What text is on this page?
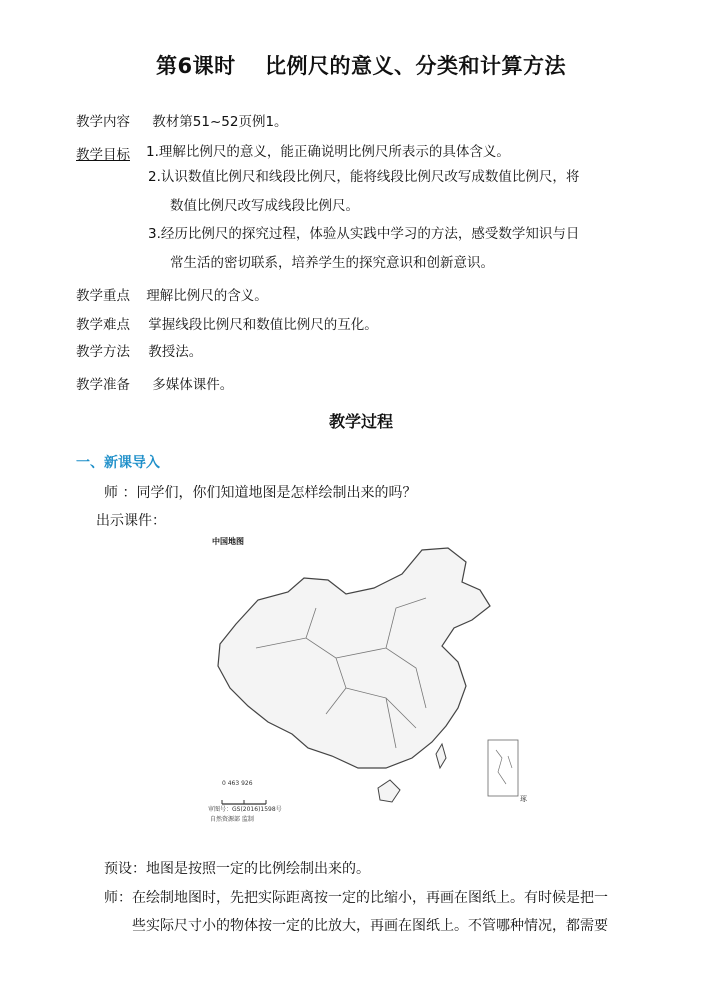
第6课时　 比例尺的意义、分类和计算方法
教学内容 教材第51~52页例1。
教学目标 1.理解比例尺的意义，能正确说明比例尺所表示的具体含义。
2.认识数值比例尺和线段比例尺，能将线段比例尺改写成数值比例尺，将
数值比例尺改写成线段比例尺。
3.经历比例尺的探究过程，体验从实践中学习的方法，感受数学知识与日
常生活的密切联系，培养学生的探究意识和创新意识。
教学重点 理解比例尺的含义。
教学难点 掌握线段比例尺和数值比例尺的互化。
教学方法 教授法。
教学准备 多媒体课件。
教学过程
一、新课导入
师 ：同学们，你们知道地图是怎样绘制出来的吗？
出示课件：
中国地图
0 463 926
审图号：GS(2016)1598号
自然资源部 监制
琢
预设：地图是按照一定的比例绘制出来的。
师：在绘制地图时，先把实际距离按一定的比缩小，再画在图纸上。有时候是把一
些实际尺寸小的物体按一定的比放大，再画在图纸上。不管哪种情况，都需要
